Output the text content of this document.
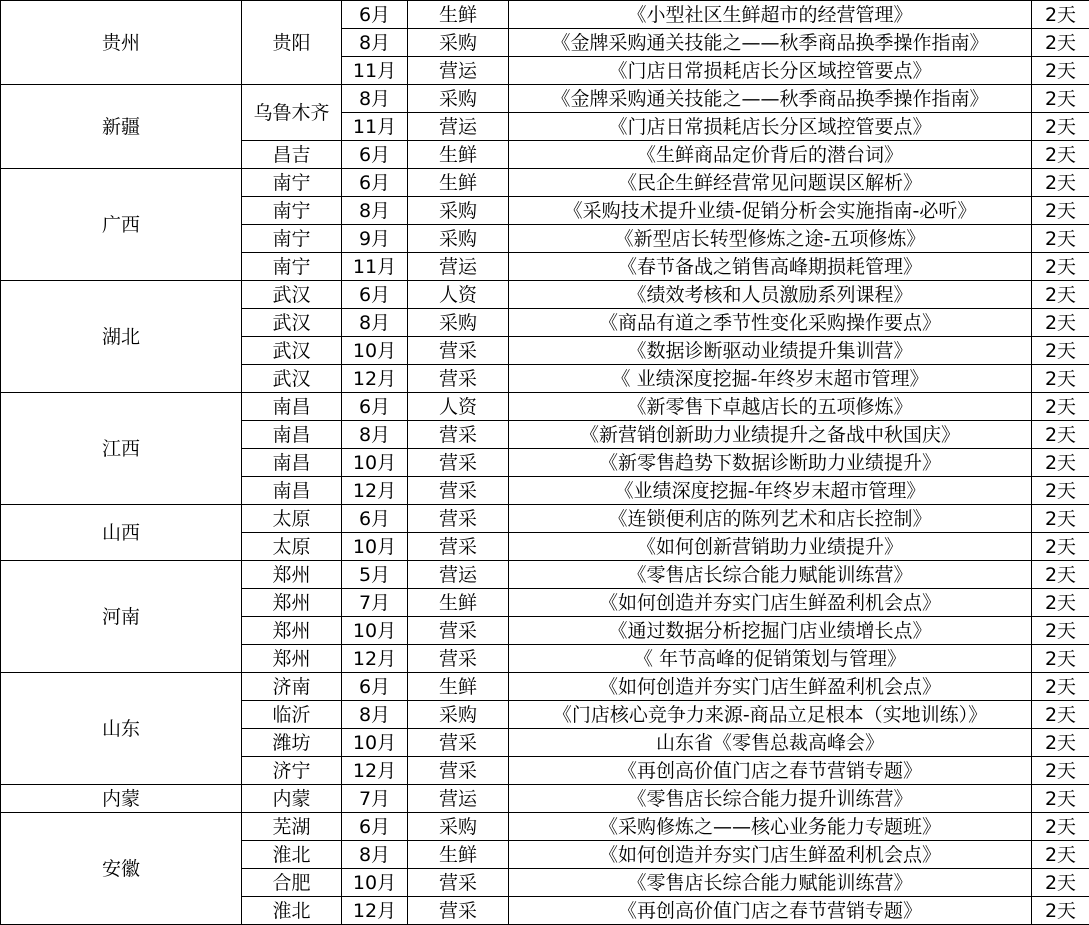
贵州	贵阳	6月	生鲜	《小型社区生鲜超市的经营管理》	2天
		8月	采购	《金牌采购通关技能之——秋季商品换季操作指南》	2天
		11月	营运	《门店日常损耗店长分区域控管要点》	2天
新疆	乌鲁木齐	8月	采购	《金牌采购通关技能之——秋季商品换季操作指南》	2天
		11月	营运	《门店日常损耗店长分区域控管要点》	2天
	昌吉	6月	生鲜	《生鲜商品定价背后的潜台词》	2天
广西	南宁	6月	生鲜	《民企生鲜经营常见问题误区解析》	2天
	南宁	8月	采购	《采购技术提升业绩-促销分析会实施指南-必听》	2天
	南宁	9月	采购	《新型店长转型修炼之途-五项修炼》	2天
	南宁	11月	营运	《春节备战之销售高峰期损耗管理》	2天
湖北	武汉	6月	人资	《绩效考核和人员激励系列课程》	2天
	武汉	8月	采购	《商品有道之季节性变化采购操作要点》	2天
	武汉	10月	营采	《数据诊断驱动业绩提升集训营》	2天
	武汉	12月	营采	《 业绩深度挖掘-年终岁末超市管理》	2天
江西	南昌	6月	人资	《新零售下卓越店长的五项修炼》	2天
	南昌	8月	营采	《新营销创新助力业绩提升之备战中秋国庆》	2天
	南昌	10月	营采	《新零售趋势下数据诊断助力业绩提升》	2天
	南昌	12月	营采	《业绩深度挖掘-年终岁末超市管理》	2天
山西	太原	6月	营采	《连锁便利店的陈列艺术和店长控制》	2天
	太原	10月	营采	《如何创新营销助力业绩提升》	2天
河南	郑州	5月	营运	《零售店长综合能力赋能训练营》	2天
	郑州	7月	生鲜	《如何创造并夯实门店生鲜盈利机会点》	2天
	郑州	10月	营采	《通过数据分析挖掘门店业绩增长点》	2天
	郑州	12月	营采	《 年节高峰的促销策划与管理》	2天
山东	济南	6月	生鲜	《如何创造并夯实门店生鲜盈利机会点》	2天
	临沂	8月	采购	《门店核心竞争力来源-商品立足根本（实地训练）》	2天
	潍坊	10月	营采	山东省《零售总裁高峰会》	2天
	济宁	12月	营采	《再创高价值门店之春节营销专题》	2天
内蒙	内蒙	7月	营运	《零售店长综合能力提升训练营》	2天
安徽	芜湖	6月	采购	《采购修炼之——核心业务能力专题班》	2天
	淮北	8月	生鲜	《如何创造并夯实门店生鲜盈利机会点》	2天
	合肥	10月	营采	《零售店长综合能力赋能训练营》	2天
	淮北	12月	营采	《再创高价值门店之春节营销专题》	2天
